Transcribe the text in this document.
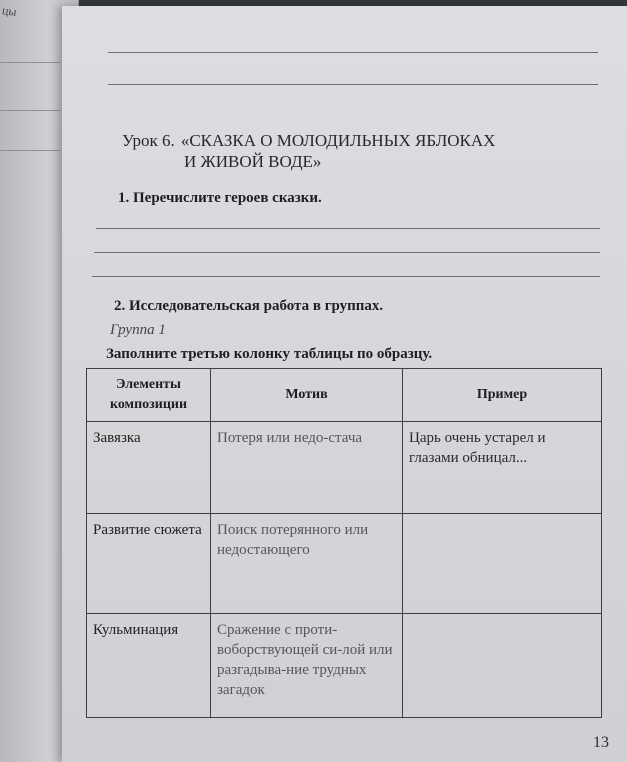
цы
Урок 6. «СКАЗКА О МОЛОДИЛЬНЫХ ЯБЛОКАХ
И ЖИВОЙ ВОДЕ»
1. Перечислите героев сказки.
2. Исследовательская работа в группах.
Группа 1
Заполните третью колонку таблицы по образцу.
Элементы композиции	Мотив	Пример
Завязка	Потеря или недо-стача	Царь очень устарел и глазами обницал...
Развитие сюжета	Поиск потерянного или недостающего	
Кульминация	Сражение с проти-воборствующей си-лой или разгадыва-ние трудных загадок	
13
